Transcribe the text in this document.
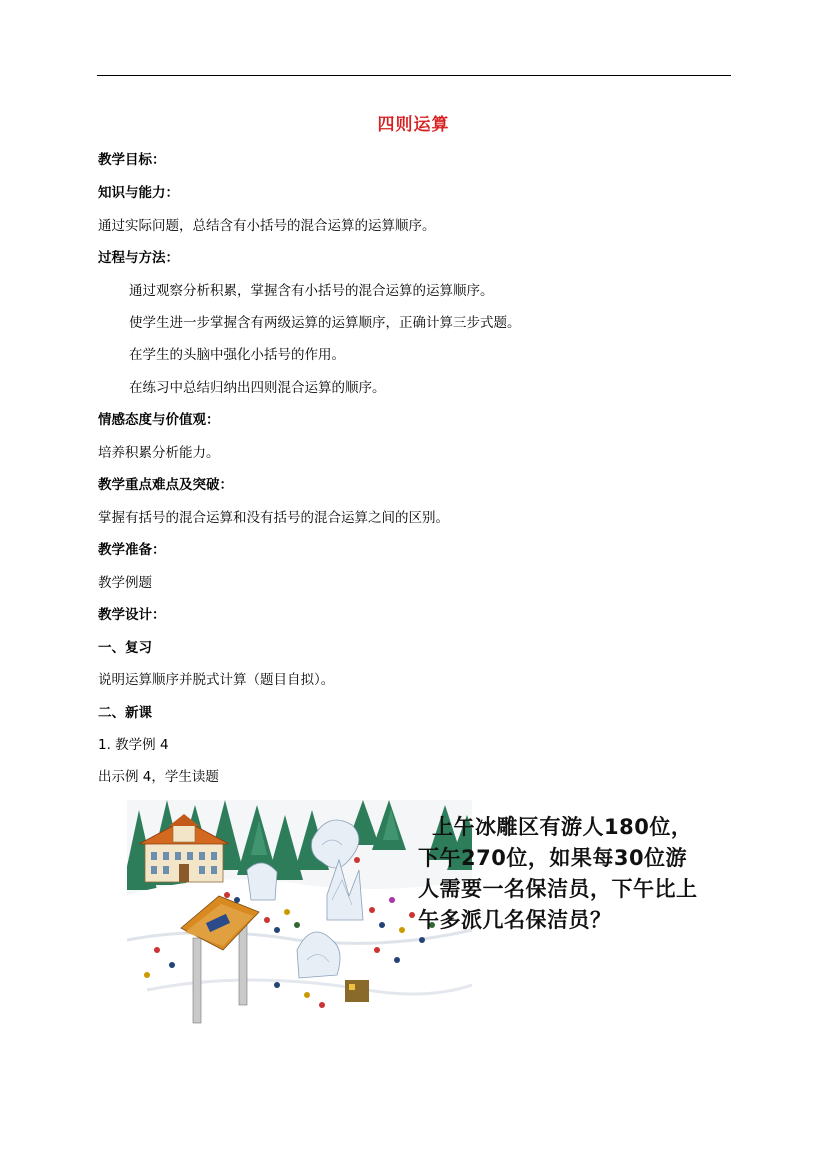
四则运算
教学目标：
知识与能力：
通过实际问题，总结含有小括号的混合运算的运算顺序。
过程与方法：
通过观察分析积累，掌握含有小括号的混合运算的运算顺序。
使学生进一步掌握含有两级运算的运算顺序，正确计算三步式题。
在学生的头脑中强化小括号的作用。
在练习中总结归纳出四则混合运算的顺序。
情感态度与价值观：
培养积累分析能力。
教学重点难点及突破：
掌握有括号的混合运算和没有括号的混合运算之间的区别。
教学准备：
教学例题
教学设计：
一、复习
说明运算顺序并脱式计算（题目自拟）。
二、新课
1. 教学例 4
出示例 4，学生读题
上午冰雕区有游人180位，下午270位，如果每30位游人需要一名保洁员，下午比上午多派几名保洁员？
